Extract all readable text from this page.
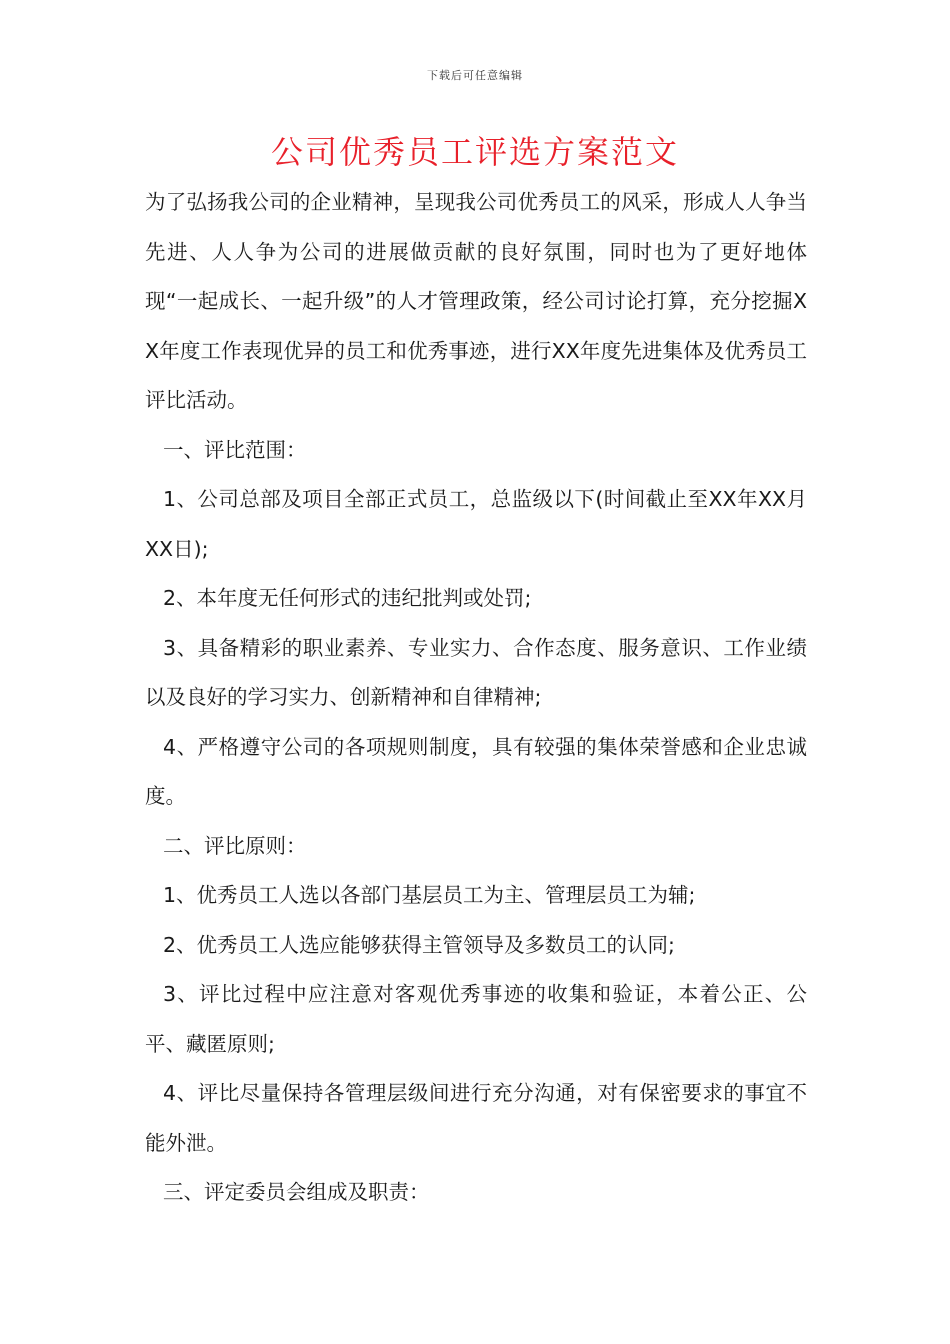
下载后可任意编辑
公司优秀员工评选方案范文

为了弘扬我公司的企业精神，呈现我公司优秀员工的风采，形成人人争当先进、人人争为公司的进展做贡献的良好氛围，同时也为了更好地体现“一起成长、一起升级”的人才管理政策，经公司讨论打算，充分挖掘XX年度工作表现优异的员工和优秀事迹，进行XX年度先进集体及优秀员工评比活动。

一、评比范围：

1、公司总部及项目全部正式员工，总监级以下(时间截止至XX年XX月XX日);

2、本年度无任何形式的违纪批判或处罚;

3、具备精彩的职业素养、专业实力、合作态度、服务意识、工作业绩以及良好的学习实力、创新精神和自律精神;

4、严格遵守公司的各项规则制度，具有较强的集体荣誉感和企业忠诚度。

二、评比原则：

1、优秀员工人选以各部门基层员工为主、管理层员工为辅;

2、优秀员工人选应能够获得主管领导及多数员工的认同;

3、评比过程中应注意对客观优秀事迹的收集和验证，本着公正、公平、藏匿原则;

4、评比尽量保持各管理层级间进行充分沟通，对有保密要求的事宜不能外泄。

三、评定委员会组成及职责：
